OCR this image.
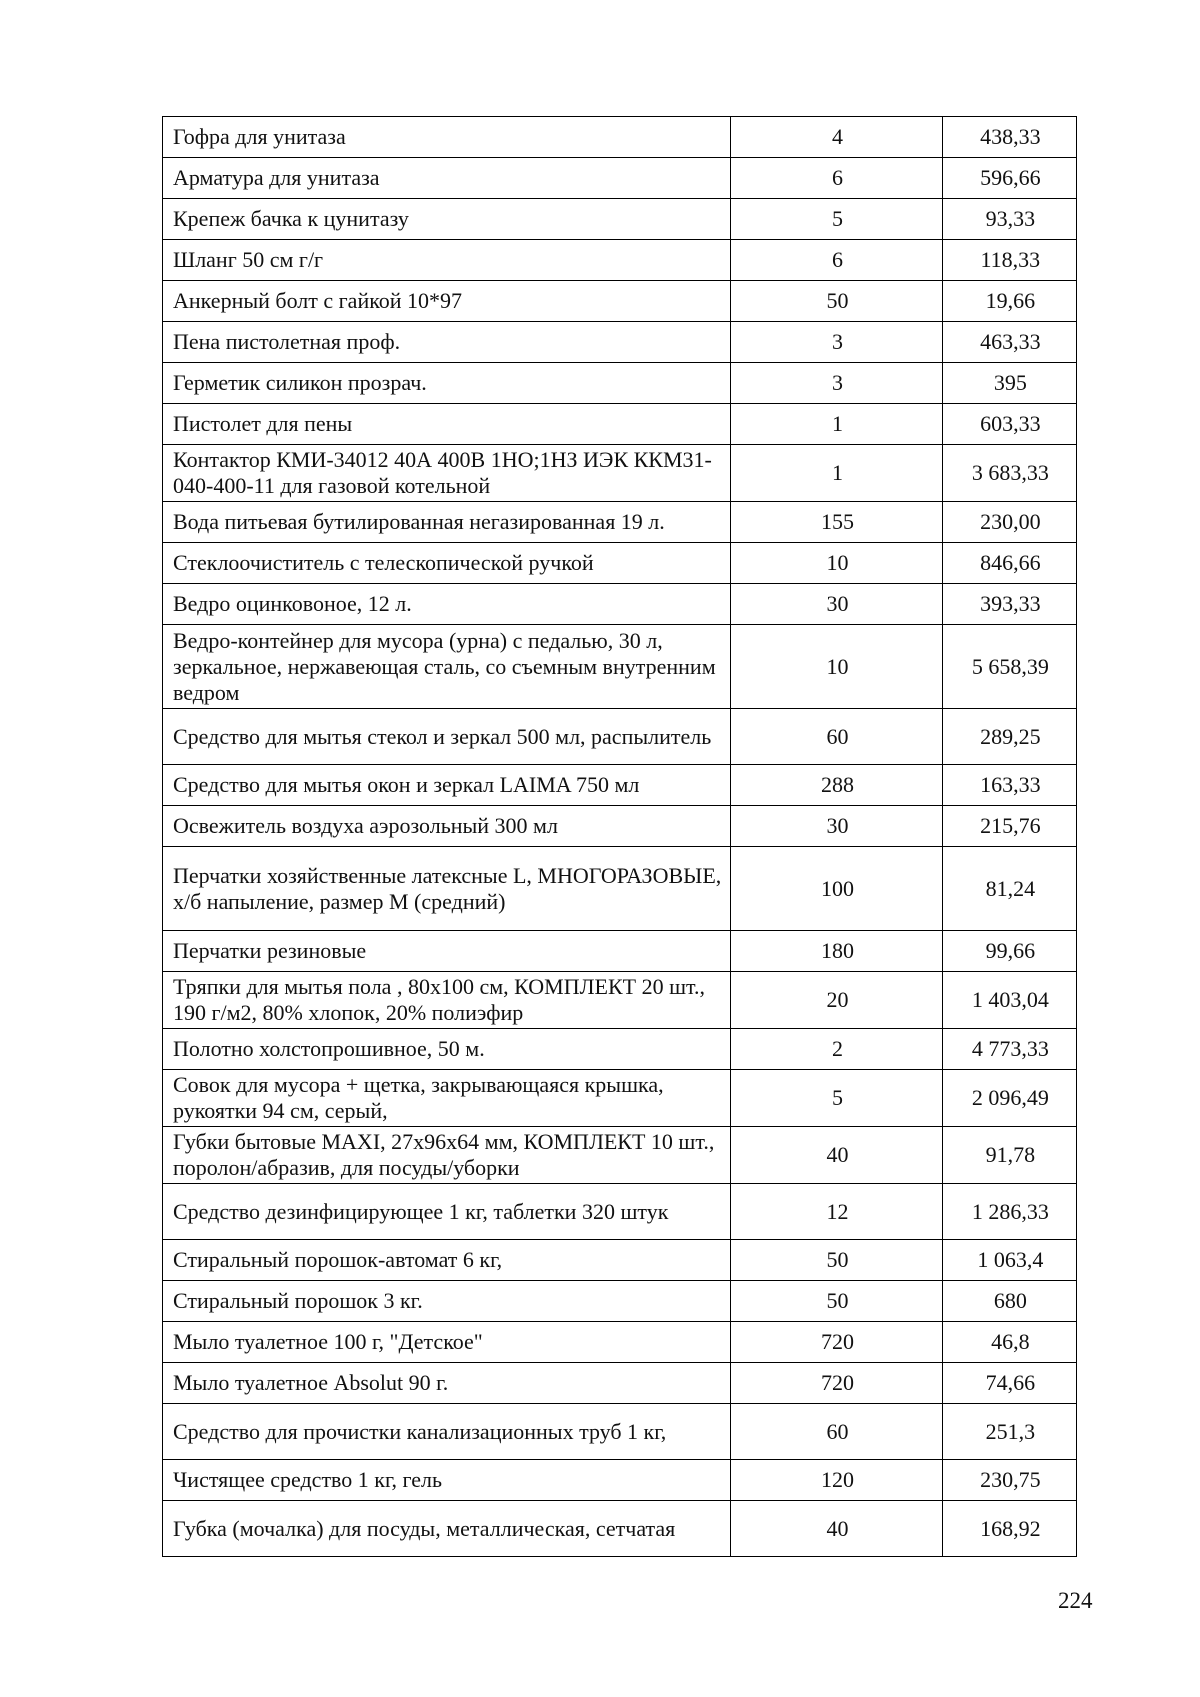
Гофра для унитаза	4	438,33
Арматура для унитаза	6	596,66
Крепеж бачка к цунитазу	5	93,33
Шланг 50 см г/г	6	118,33
Анкерный болт с гайкой 10*97	50	19,66
Пена пистолетная проф.	3	463,33
Герметик силикон прозрач.	3	395
Пистолет для пены	1	603,33
Контактор КМИ-34012 40А 400В 1НО;1НЗ ИЭК ККМ31-040-400-11 для газовой котельной	1	3 683,33
Вода питьевая бутилированная негазированная 19 л.	155	230,00
Стеклоочиститель с телескопической ручкой	10	846,66
Ведро оцинковоное, 12 л.	30	393,33
Ведро-контейнер для мусора (урна) с педалью, 30 л, зеркальное, нержавеющая сталь, со съемным внутренним ведром	10	5 658,39
Средство для мытья стекол и зеркал 500 мл, распылитель	60	289,25
Средство для мытья окон и зеркал LAIMA 750 мл	288	163,33
Освежитель воздуха аэрозольный 300 мл	30	215,76
Перчатки хозяйственные латексные L, МНОГОРАЗОВЫЕ, х/б напыление, размер M (средний)	100	81,24
Перчатки резиновые	180	99,66
Тряпки для мытья пола , 80х100 см, КОМПЛЕКТ 20 шт., 190 г/м2, 80% хлопок, 20% полиэфир	20	1 403,04
Полотно холстопрошивное, 50 м.	2	4 773,33
Совок для мусора + щетка, закрывающаяся крышка, рукоятки 94 см, серый,	5	2 096,49
Губки бытовые MAXI, 27х96х64 мм, КОМПЛЕКТ 10 шт., поролон/абразив, для посуды/уборки	40	91,78
Средство дезинфицирующее 1 кг, таблетки 320 штук	12	1 286,33
Стиральный порошок-автомат 6 кг,	50	1 063,4
Стиральный порошок 3 кг.	50	680
Мыло туалетное 100 г, "Детское"	720	46,8
Мыло туалетное Absolut 90 г.	720	74,66
Средство для прочистки канализационных труб 1 кг,	60	251,3
Чистящее средство 1 кг, гель	120	230,75
Губка (мочалка) для посуды, металлическая, сетчатая	40	168,92
224
